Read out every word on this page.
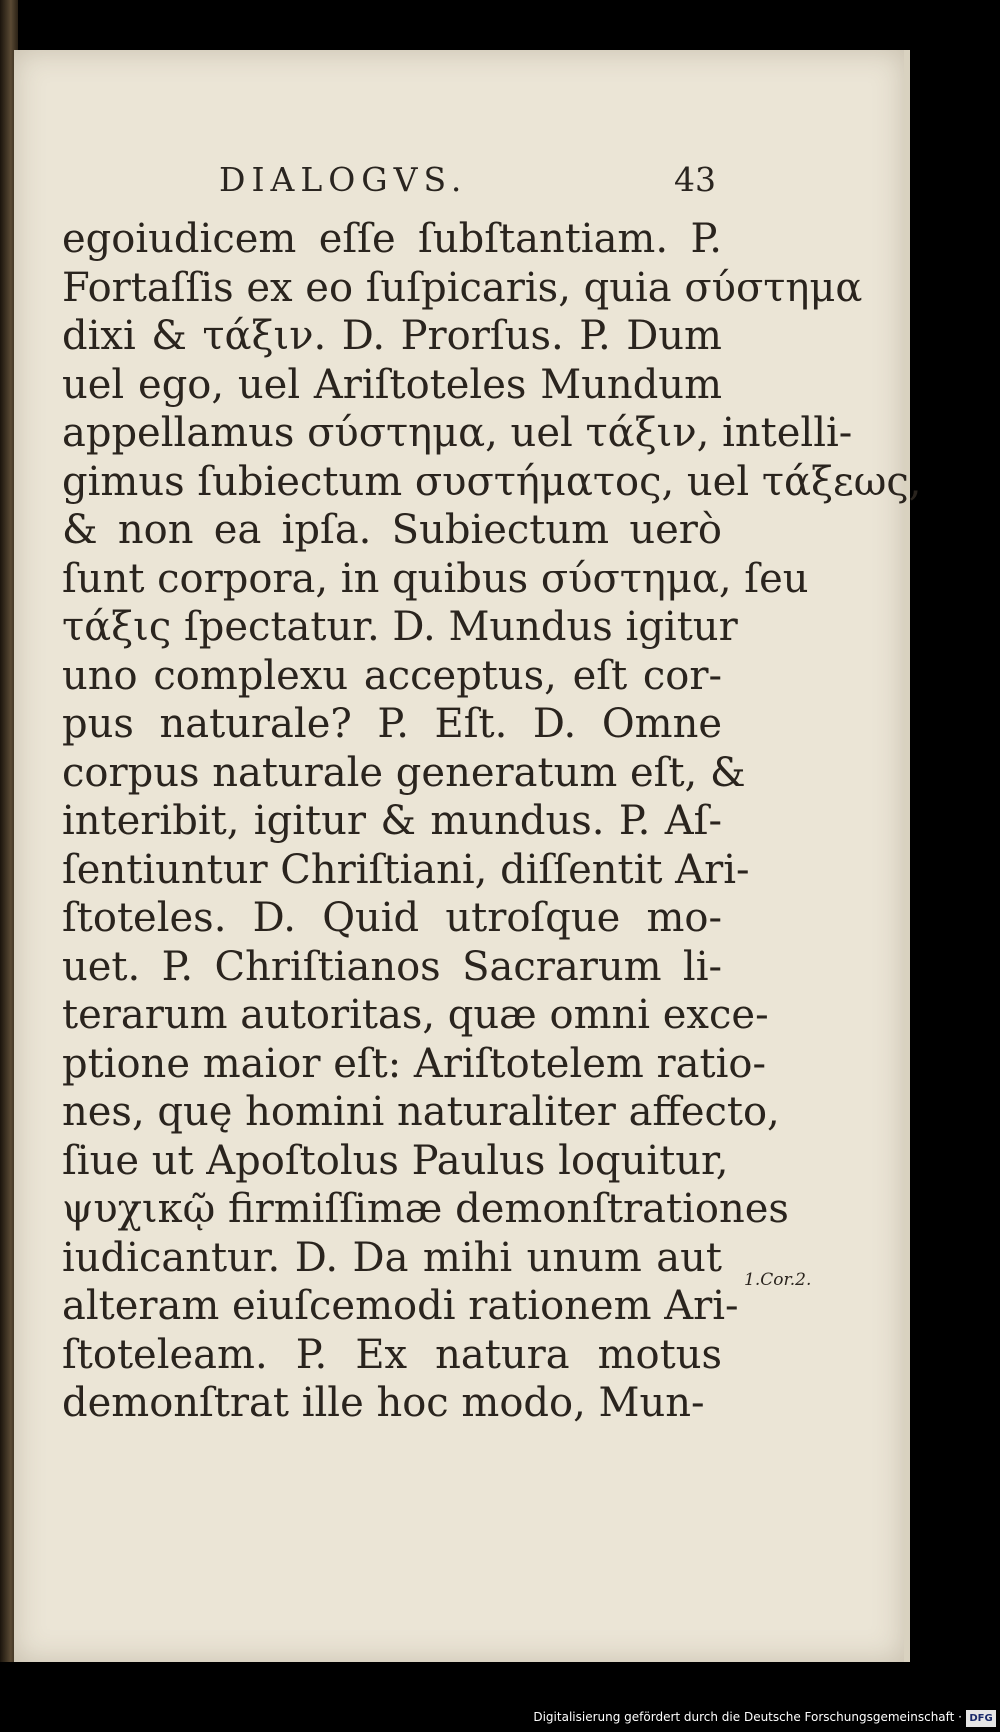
DIALOGVS.	43
egoiudicem eſſe ſubſtantiam. P.
Fortaſſis ex eo ſuſpicaris, quia σύστημα
dixi & τάξιν. D. Prorſus. P. Dum
uel ego, uel Ariſtoteles Mundum
appellamus σύστημα, uel τάξιν, intelli-
gimus ſubiectum συστήματος, uel τάξεως,
& non ea ipſa. Subiectum uerò
ſunt corpora, in quibus σύστημα, ſeu
τάξις ſpectatur. D. Mundus igitur
uno complexu acceptus, eſt cor-
pus naturale? P. Eſt. D. Omne
corpus naturale generatum eſt, &
interibit, igitur & mundus. P. Aſ-
ſentiuntur Chriſtiani, diſſentit Ari-
ſtoteles. D. Quid utroſque mo-
uet. P. Chriſtianos Sacrarum li-
terarum autoritas, quæ omni exce-
ptione maior eſt: Ariſtotelem ratio-
nes, quę homini naturaliter affecto,
ſiue ut Apoſtolus Paulus loquitur,
ψυχικῷ firmiſſimæ demonſtrationes
iudicantur. D. Da mihi unum aut
alteram eiuſcemodi rationem Ari-
ſtoteleam. P. Ex natura motus
demonſtrat ille hoc modo, Mun-
1.Cor.2.
Digitalisierung gefördert durch die Deutsche Forschungsgemeinschaft · DFG
